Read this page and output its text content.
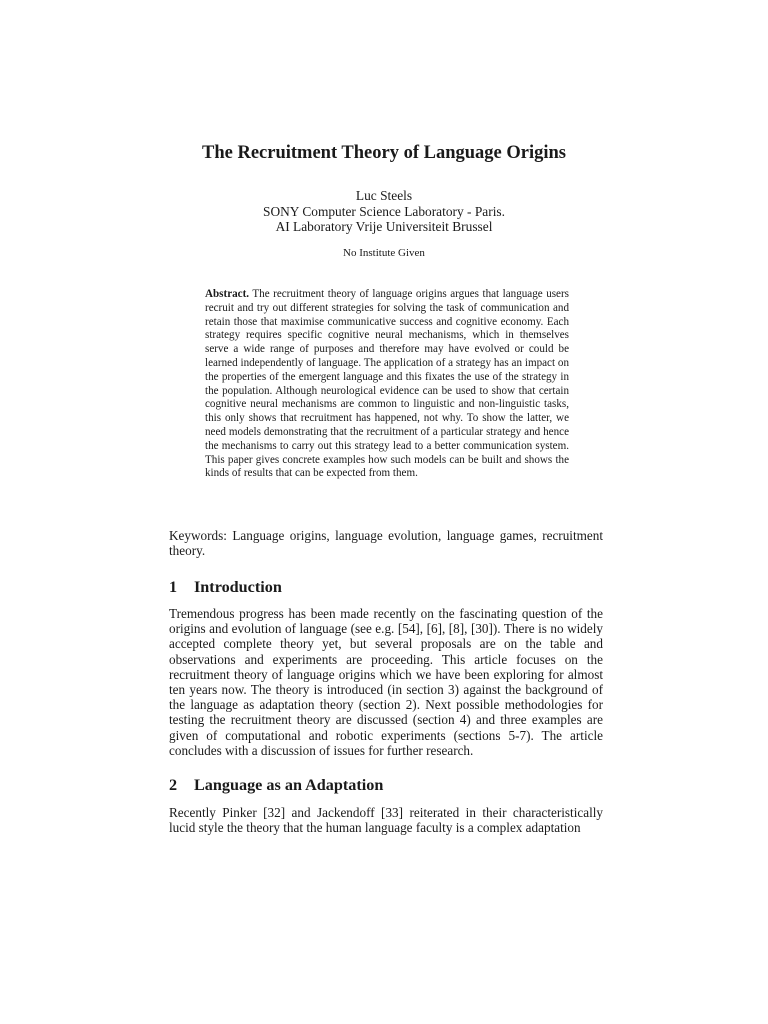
The Recruitment Theory of Language Origins
Luc Steels
SONY Computer Science Laboratory - Paris.
AI Laboratory Vrije Universiteit Brussel
No Institute Given
Abstract. The recruitment theory of language origins argues that language users recruit and try out different strategies for solving the task of communication and retain those that maximise communicative success and cognitive economy. Each strategy requires specific cognitive neural mechanisms, which in themselves serve a wide range of purposes and therefore may have evolved or could be learned independently of language. The application of a strategy has an impact on the properties of the emergent language and this fixates the use of the strategy in the population. Although neurological evidence can be used to show that certain cognitive neural mechanisms are common to linguistic and non-linguistic tasks, this only shows that recruitment has happened, not why. To show the latter, we need models demonstrating that the recruitment of a particular strategy and hence the mechanisms to carry out this strategy lead to a better communication system. This paper gives concrete examples how such models can be built and shows the kinds of results that can be expected from them.
Keywords: Language origins, language evolution, language games, recruitment theory.
1 Introduction
Tremendous progress has been made recently on the fascinating question of the origins and evolution of language (see e.g. [54], [6], [8], [30]). There is no widely accepted complete theory yet, but several proposals are on the table and observations and experiments are proceeding. This article focuses on the recruitment theory of language origins which we have been exploring for almost ten years now. The theory is introduced (in section 3) against the background of the language as adaptation theory (section 2). Next possible methodologies for testing the recruitment theory are discussed (section 4) and three examples are given of computational and robotic experiments (sections 5-7). The article concludes with a discussion of issues for further research.
2 Language as an Adaptation
Recently Pinker [32] and Jackendoff [33] reiterated in their characteristically lucid style the theory that the human language faculty is a complex adaptation
